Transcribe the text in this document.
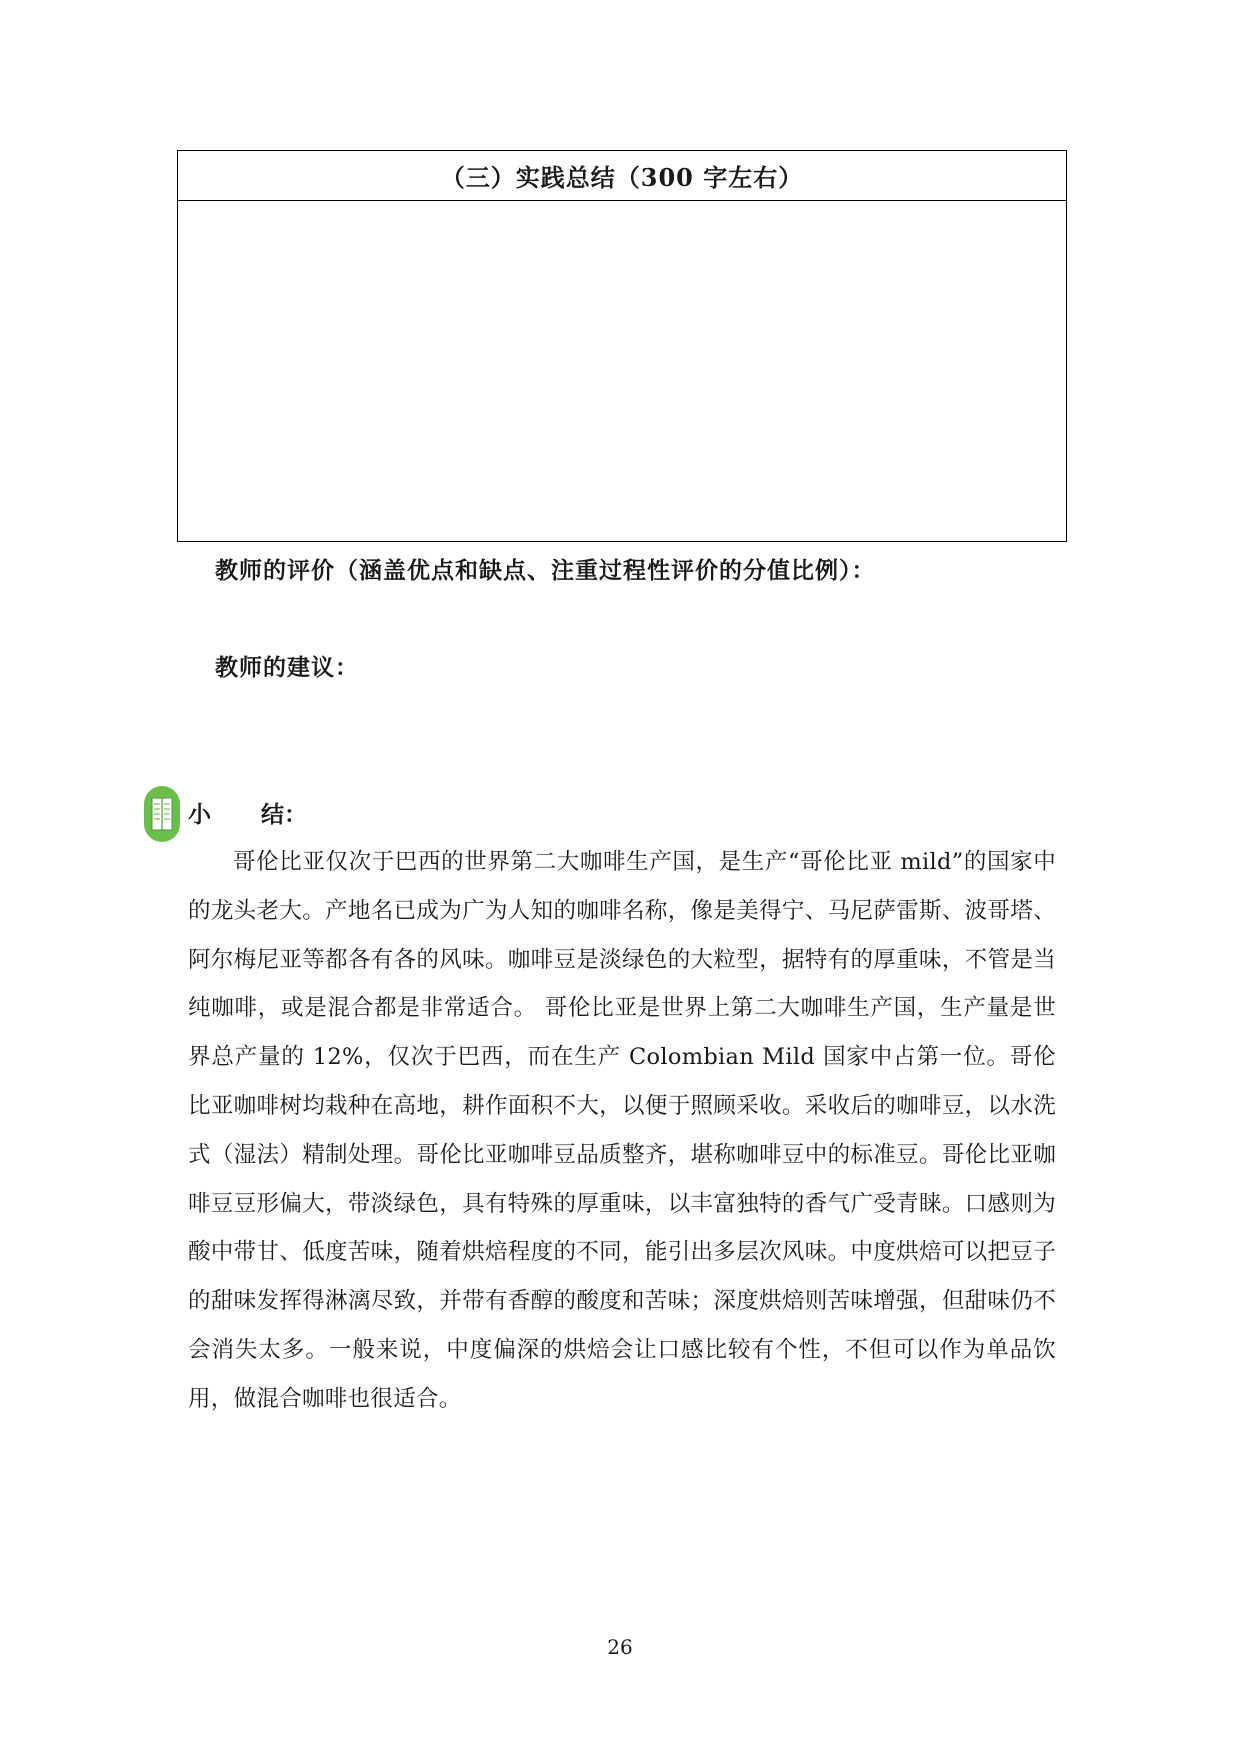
（三）实践总结（300 字左右）
教师的评价（涵盖优点和缺点、注重过程性评价的分值比例）：
教师的建议：
小 结：

哥伦比亚仅次于巴西的世界第二大咖啡生产国，是生产“哥伦比亚 mild”的国家中的龙头老大。产地名已成为广为人知的咖啡名称，像是美得宁、马尼萨雷斯、波哥塔、阿尔梅尼亚等都各有各的风味。咖啡豆是淡绿色的大粒型，据特有的厚重味，不管是当纯咖啡，或是混合都是非常适合。 哥伦比亚是世界上第二大咖啡生产国，生产量是世界总产量的 12%，仅次于巴西，而在生产 Colombian Mild 国家中占第一位。哥伦比亚咖啡树均栽种在高地，耕作面积不大，以便于照顾采收。采收后的咖啡豆，以水洗式（湿法）精制处理。哥伦比亚咖啡豆品质整齐，堪称咖啡豆中的标准豆。哥伦比亚咖啡豆豆形偏大，带淡绿色，具有特殊的厚重味，以丰富独特的香气广受青睐。口感则为酸中带甘、低度苦味，随着烘焙程度的不同，能引出多层次风味。中度烘焙可以把豆子的甜味发挥得淋漓尽致，并带有香醇的酸度和苦味；深度烘焙则苦味增强，但甜味仍不会消失太多。一般来说，中度偏深的烘焙会让口感比较有个性，不但可以作为单品饮用，做混合咖啡也很适合。

26
